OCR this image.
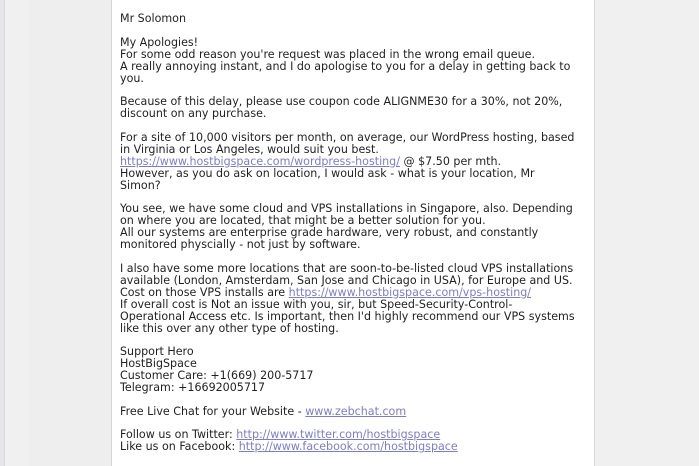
Mr Solomon
My Apologies!
For some odd reason you're request was placed in the wrong email queue.
A really annoying instant, and I do apologise to you for a delay in getting back to
you.
Because of this delay, please use coupon code ALIGNME30 for a 30%, not 20%,
discount on any purchase.
For a site of 10,000 visitors per month, on average, our WordPress hosting, based
in Virginia or Los Angeles, would suit you best.
https://www.hostbigspace.com/wordpress-hosting/ @ $7.50 per mth.
However, as you do ask on location, I would ask - what is your location, Mr
Simon?
You see, we have some cloud and VPS installations in Singapore, also. Depending
on where you are located, that might be a better solution for you.
All our systems are enterprise grade hardware, very robust, and constantly
monitored physcially - not just by software.
I also have some more locations that are soon-to-be-listed cloud VPS installations
available (London, Amsterdam, San Jose and Chicago in USA), for Europe and US.
Cost on those VPS installs are https://www.hostbigspace.com/vps-hosting/
If overall cost is Not an issue with you, sir, but Speed-Security-Control-
Operational Access etc. Is important, then I'd highly recommend our VPS systems
like this over any other type of hosting.
Support Hero
HostBigSpace
Customer Care: +1(669) 200-5717
Telegram: +16692005717
Free Live Chat for your Website - www.zebchat.com
Follow us on Twitter: http://www.twitter.com/hostbigspace
Like us on Facebook: http://www.facebook.com/hostbigspace
